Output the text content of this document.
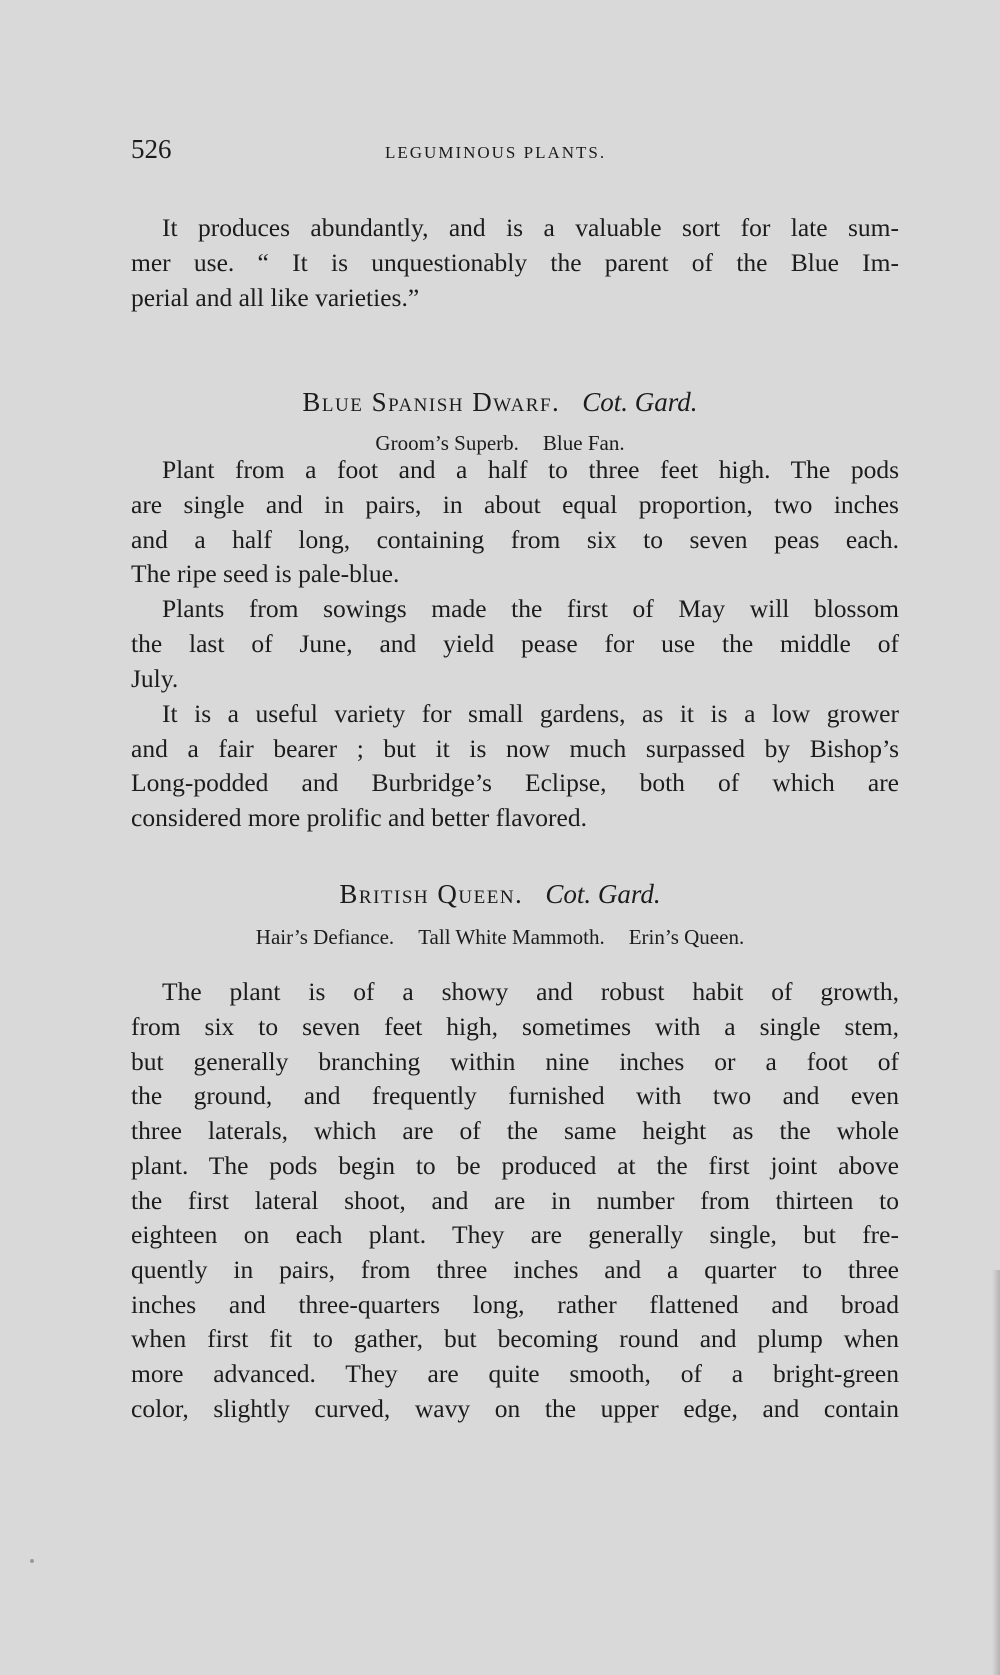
526	LEGUMINOUS PLANTS.
It produces abundantly, and is a valuable sort for late sum-
mer use. “ It is unquestionably the parent of the Blue Im-
perial and all like varieties.”
Blue Spanish Dwarf. Cot. Gard.
Groom’s Superb. Blue Fan.
Plant from a foot and a half to three feet high. The pods
are single and in pairs, in about equal proportion, two inches
and a half long, containing from six to seven peas each.
The ripe seed is pale-blue.
Plants from sowings made the first of May will blossom
the last of June, and yield pease for use the middle of
July.
It is a useful variety for small gardens, as it is a low grower
and a fair bearer ; but it is now much surpassed by Bishop’s
Long-podded and Burbridge’s Eclipse, both of which are
considered more prolific and better flavored.
British Queen. Cot. Gard.
Hair’s Defiance. Tall White Mammoth. Erin’s Queen.
The plant is of a showy and robust habit of growth,
from six to seven feet high, sometimes with a single stem,
but generally branching within nine inches or a foot of
the ground, and frequently furnished with two and even
three laterals, which are of the same height as the whole
plant. The pods begin to be produced at the first joint above
the first lateral shoot, and are in number from thirteen to
eighteen on each plant. They are generally single, but fre-
quently in pairs, from three inches and a quarter to three
inches and three-quarters long, rather flattened and broad
when first fit to gather, but becoming round and plump when
more advanced. They are quite smooth, of a bright-green
color, slightly curved, wavy on the upper edge, and contain
